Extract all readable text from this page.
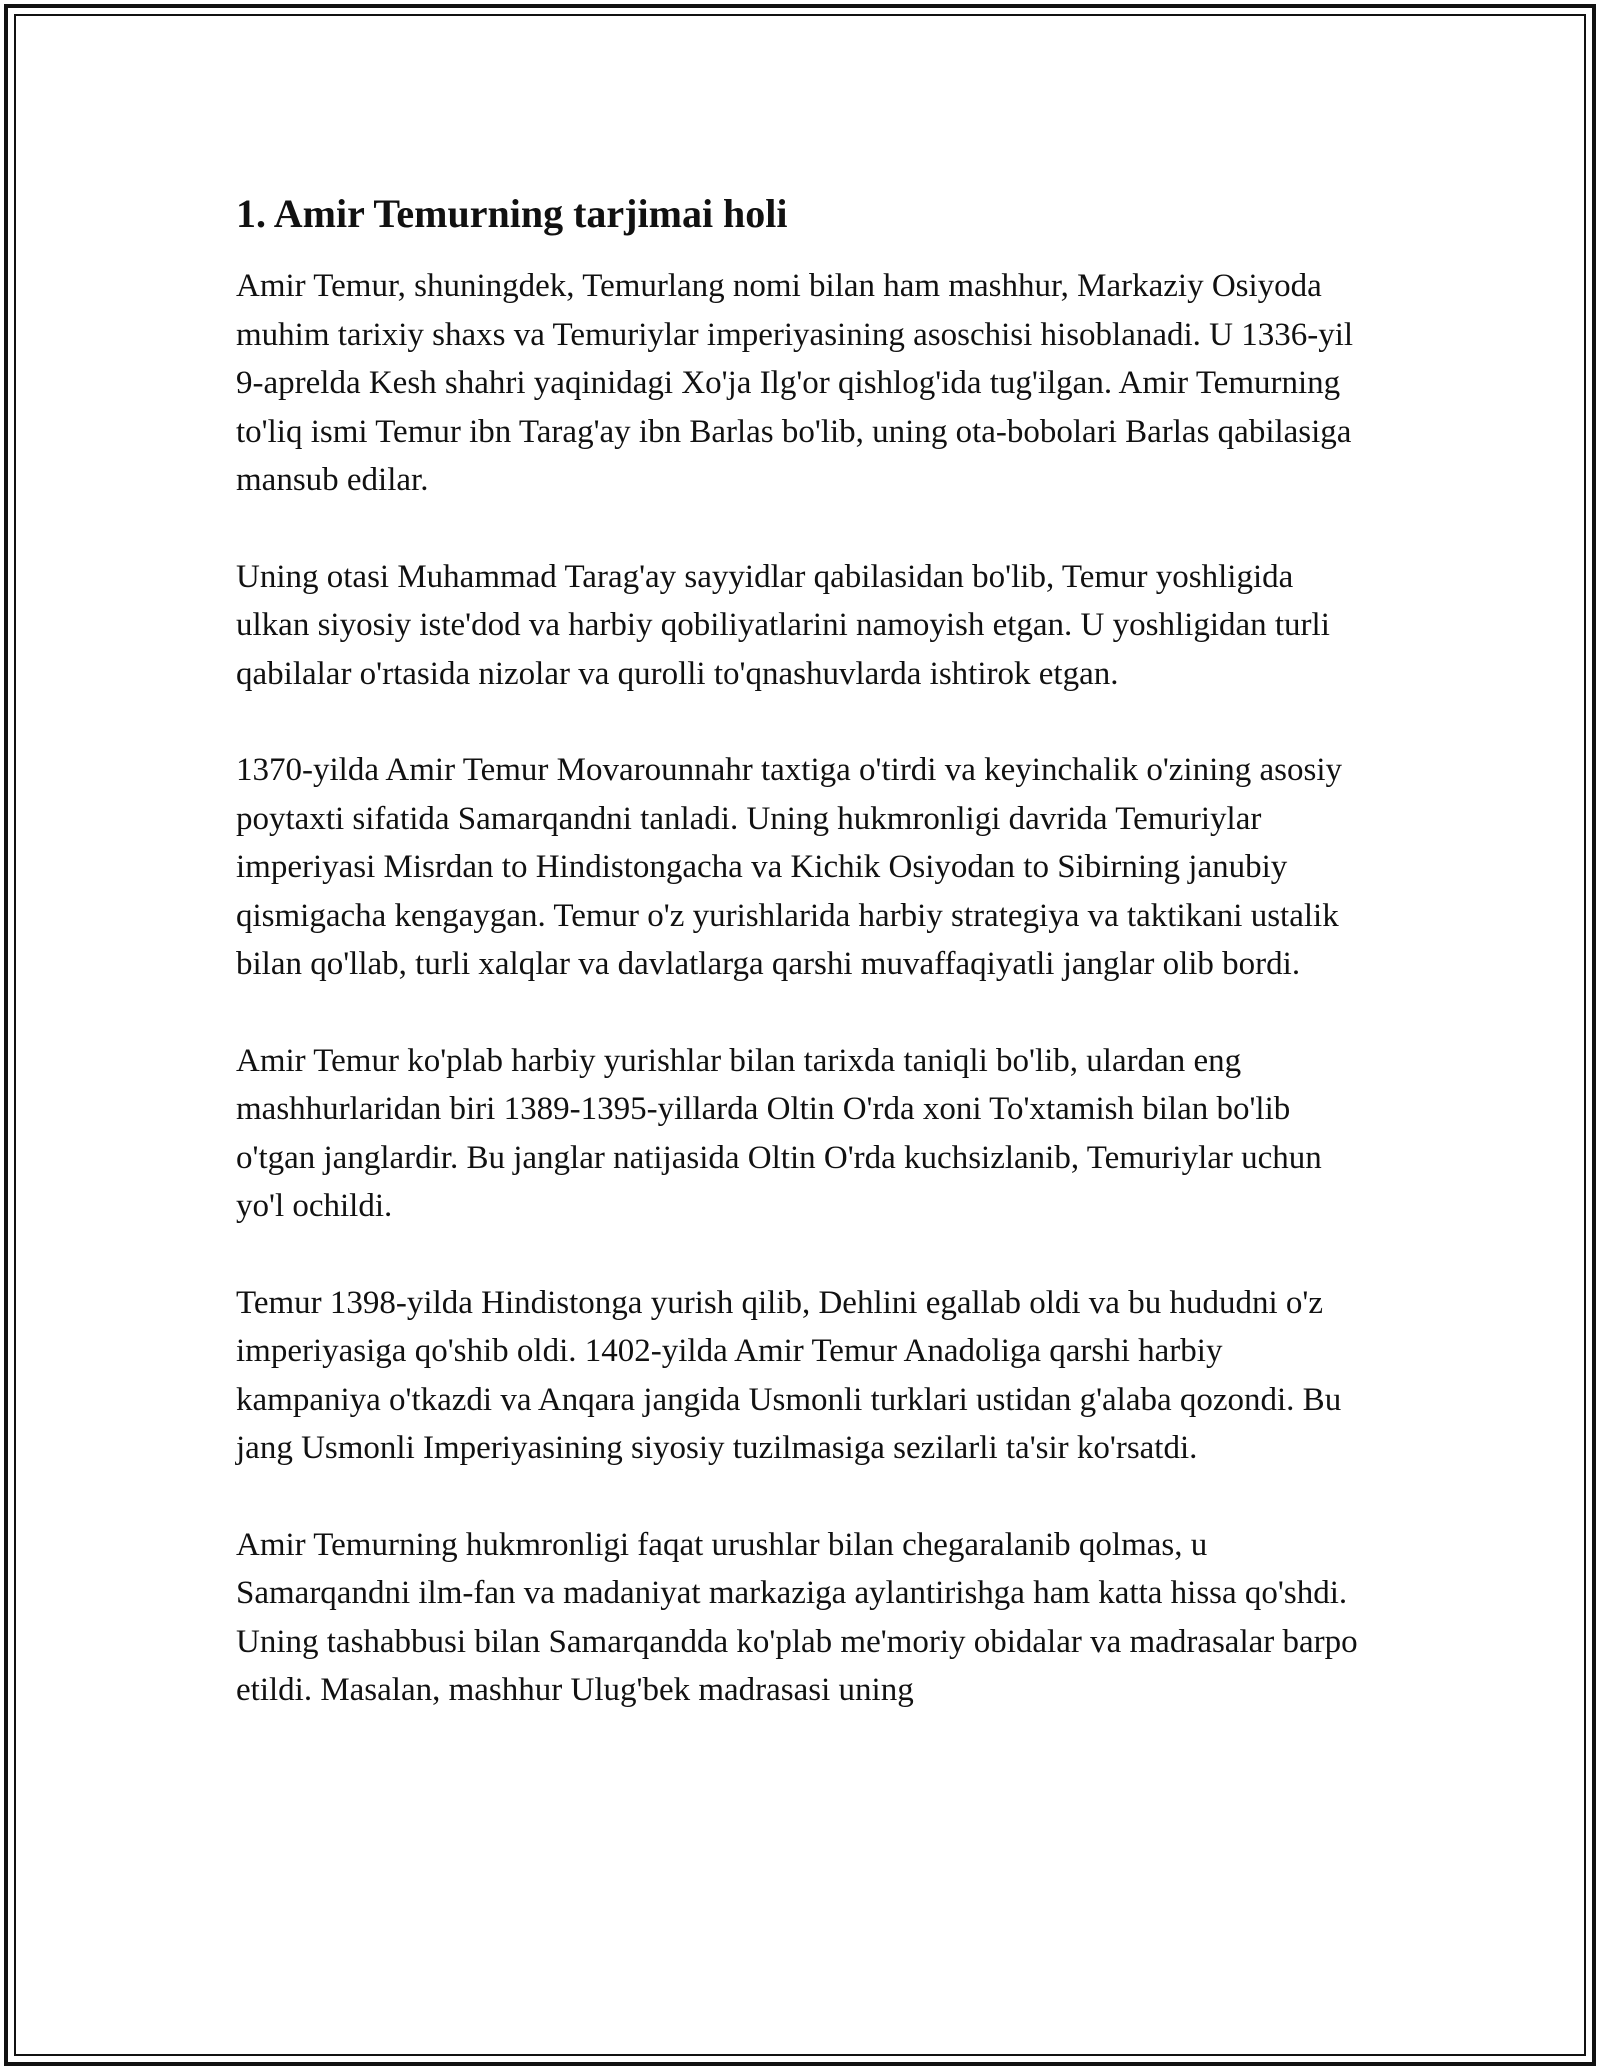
1. Amir Temurning tarjimai holi

Amir Temur, shuningdek, Temurlang nomi bilan ham mashhur, Markaziy Osiyoda muhim tarixiy shaxs va Temuriylar imperiyasining asoschisi hisoblanadi. U 1336-yil 9-aprelda Kesh shahri yaqinidagi Xo'ja Ilg'or qishlog'ida tug'ilgan. Amir Temurning to'liq ismi Temur ibn Tarag'ay ibn Barlas bo'lib, uning ota-bobolari Barlas qabilasiga mansub edilar.

Uning otasi Muhammad Tarag'ay sayyidlar qabilasidan bo'lib, Temur yoshligida ulkan siyosiy iste'dod va harbiy qobiliyatlarini namoyish etgan. U yoshligidan turli qabilalar o'rtasida nizolar va qurolli to'qnashuvlarda ishtirok etgan.

1370-yilda Amir Temur Movarounnahr taxtiga o'tirdi va keyinchalik o'zining asosiy poytaxti sifatida Samarqandni tanladi. Uning hukmronligi davrida Temuriylar imperiyasi Misrdan to Hindistongacha va Kichik Osiyodan to Sibirning janubiy qismigacha kengaygan. Temur o'z yurishlarida harbiy strategiya va taktikani ustalik bilan qo'llab, turli xalqlar va davlatlarga qarshi muvaffaqiyatli janglar olib bordi.

Amir Temur ko'plab harbiy yurishlar bilan tarixda taniqli bo'lib, ulardan eng mashhurlaridan biri 1389-1395-yillarda Oltin O'rda xoni To'xtamish bilan bo'lib o'tgan janglardir. Bu janglar natijasida Oltin O'rda kuchsizlanib, Temuriylar uchun yo'l ochildi.

Temur 1398-yilda Hindistonga yurish qilib, Dehlini egallab oldi va bu hududni o'z imperiyasiga qo'shib oldi. 1402-yilda Amir Temur Anadoliga qarshi harbiy kampaniya o'tkazdi va Anqara jangida Usmonli turklari ustidan g'alaba qozondi. Bu jang Usmonli Imperiyasining siyosiy tuzilmasiga sezilarli ta'sir ko'rsatdi.

Amir Temurning hukmronligi faqat urushlar bilan chegaralanib qolmas, u Samarqandni ilm-fan va madaniyat markaziga aylantirishga ham katta hissa qo'shdi. Uning tashabbusi bilan Samarqandda ko'plab me'moriy obidalar va madrasalar barpo etildi. Masalan, mashhur Ulug'bek madrasasi uning
